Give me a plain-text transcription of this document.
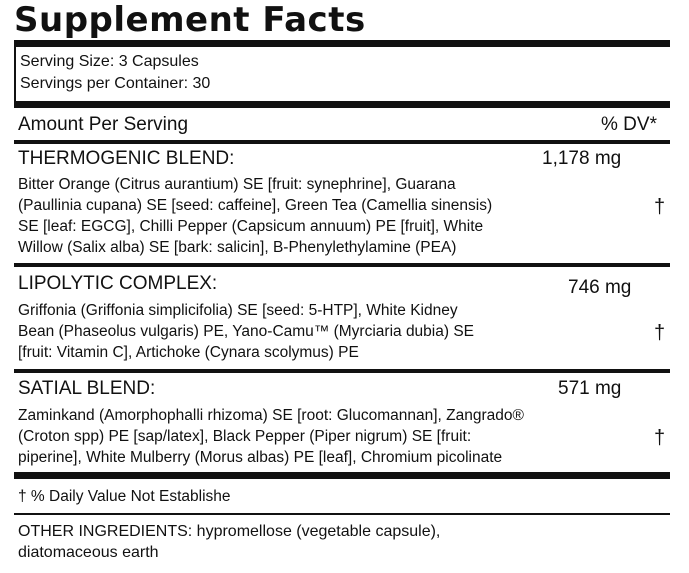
Supplement Facts
Serving Size: 3 Capsules
Servings per Container: 30
Amount Per Serving	% DV*
THERMOGENIC BLEND:	1,178 mg
Bitter Orange (Citrus aurantium) SE [fruit: synephrine], Guarana
(Paullinia cupana) SE [seed: caffeine], Green Tea (Camellia sinensis)
SE [leaf: EGCG], Chilli Pepper (Capsicum annuum) PE [fruit], White
Willow (Salix alba) SE [bark: salicin], B-Phenylethylamine (PEA)
†
LIPOLYTIC COMPLEX:	746 mg
Griffonia (Griffonia simplicifolia) SE [seed: 5-HTP], White Kidney
Bean (Phaseolus vulgaris) PE, Yano-Camu™ (Myrciaria dubia) SE
[fruit: Vitamin C], Artichoke (Cynara scolymus) PE
†
SATIAL BLEND:	571 mg
Zaminkand (Amorphophalli rhizoma) SE [root: Glucomannan], Zangrado®
(Croton spp) PE [sap/latex], Black Pepper (Piper nigrum) SE [fruit:
piperine], White Mulberry (Morus albas) PE [leaf], Chromium picolinate
†
† % Daily Value Not Establishe
OTHER INGREDIENTS: hypromellose (vegetable capsule),
diatomaceous earth
